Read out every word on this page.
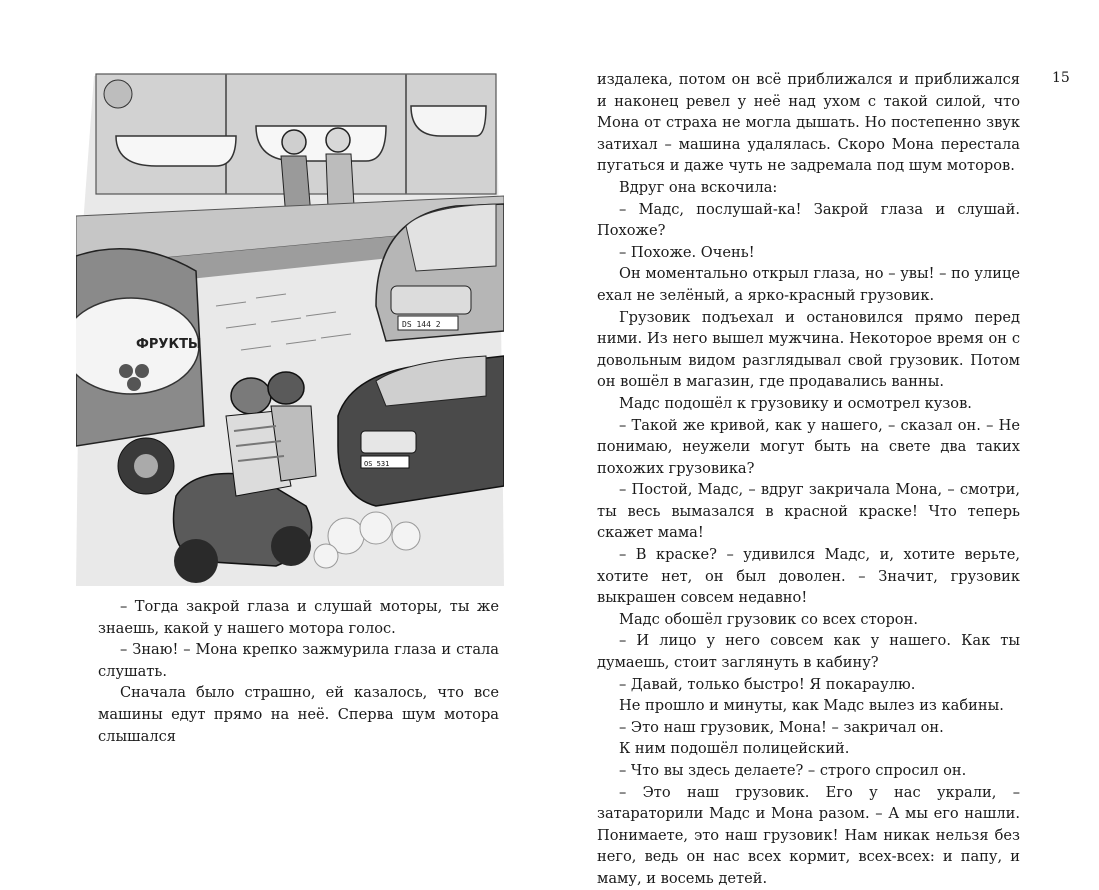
ФРУКТЫ
DS 144 2
OS 531

– Тогда закрой глаза и слушай моторы, ты же знаешь, какой у нашего мотора голос.

– Знаю! – Мона крепко зажмурила глаза и стала слушать.

Сначала было страшно, ей казалось, что все машины едут прямо на неё. Сперва шум мотора слышался

издалека, потом он всё приближался и приближался и наконец ревел у неё над ухом с такой силой, что Мона от страха не могла дышать. Но постепенно звук затихал – машина удалялась. Скоро Мона перестала пугаться и даже чуть не задремала под шум моторов.

Вдруг она вскочила:

– Мадс, послушай-ка! Закрой глаза и слушай. Похоже?

– Похоже. Очень!

Он моментально открыл глаза, но – увы! – по улице ехал не зелёный, а ярко-красный грузовик.

Грузовик подъехал и остановился прямо перед ними. Из него вышел мужчина. Некоторое время он с довольным видом разглядывал свой грузовик. Потом он вошёл в магазин, где продавались ванны.

Мадс подошёл к грузовику и осмотрел кузов.

– Такой же кривой, как у нашего, – сказал он. – Не понимаю, неужели могут быть на свете два таких похожих грузовика?

– Постой, Мадс, – вдруг закричала Мона, – смотри, ты весь вымазался в красной краске! Что теперь скажет мама!

– В краске? – удивился Мадс, и, хотите верьте, хотите нет, он был доволен. – Значит, грузовик выкрашен совсем недавно!

Мадс обошёл грузовик со всех сторон.

– И лицо у него совсем как у нашего. Как ты думаешь, стоит заглянуть в кабину?

– Давай, только быстро! Я покараулю.

Не прошло и минуты, как Мадс вылез из кабины.

– Это наш грузовик, Мона! – закричал он.

К ним подошёл полицейский.

– Что вы здесь делаете? – строго спросил он.

– Это наш грузовик. Его у нас украли, – затараторили Мадс и Мона разом. – А мы его нашли. Понимаете, это наш грузовик! Нам никак нельзя без него, ведь он нас всех кормит, всех-всех: и папу, и маму, и восемь детей.

15
